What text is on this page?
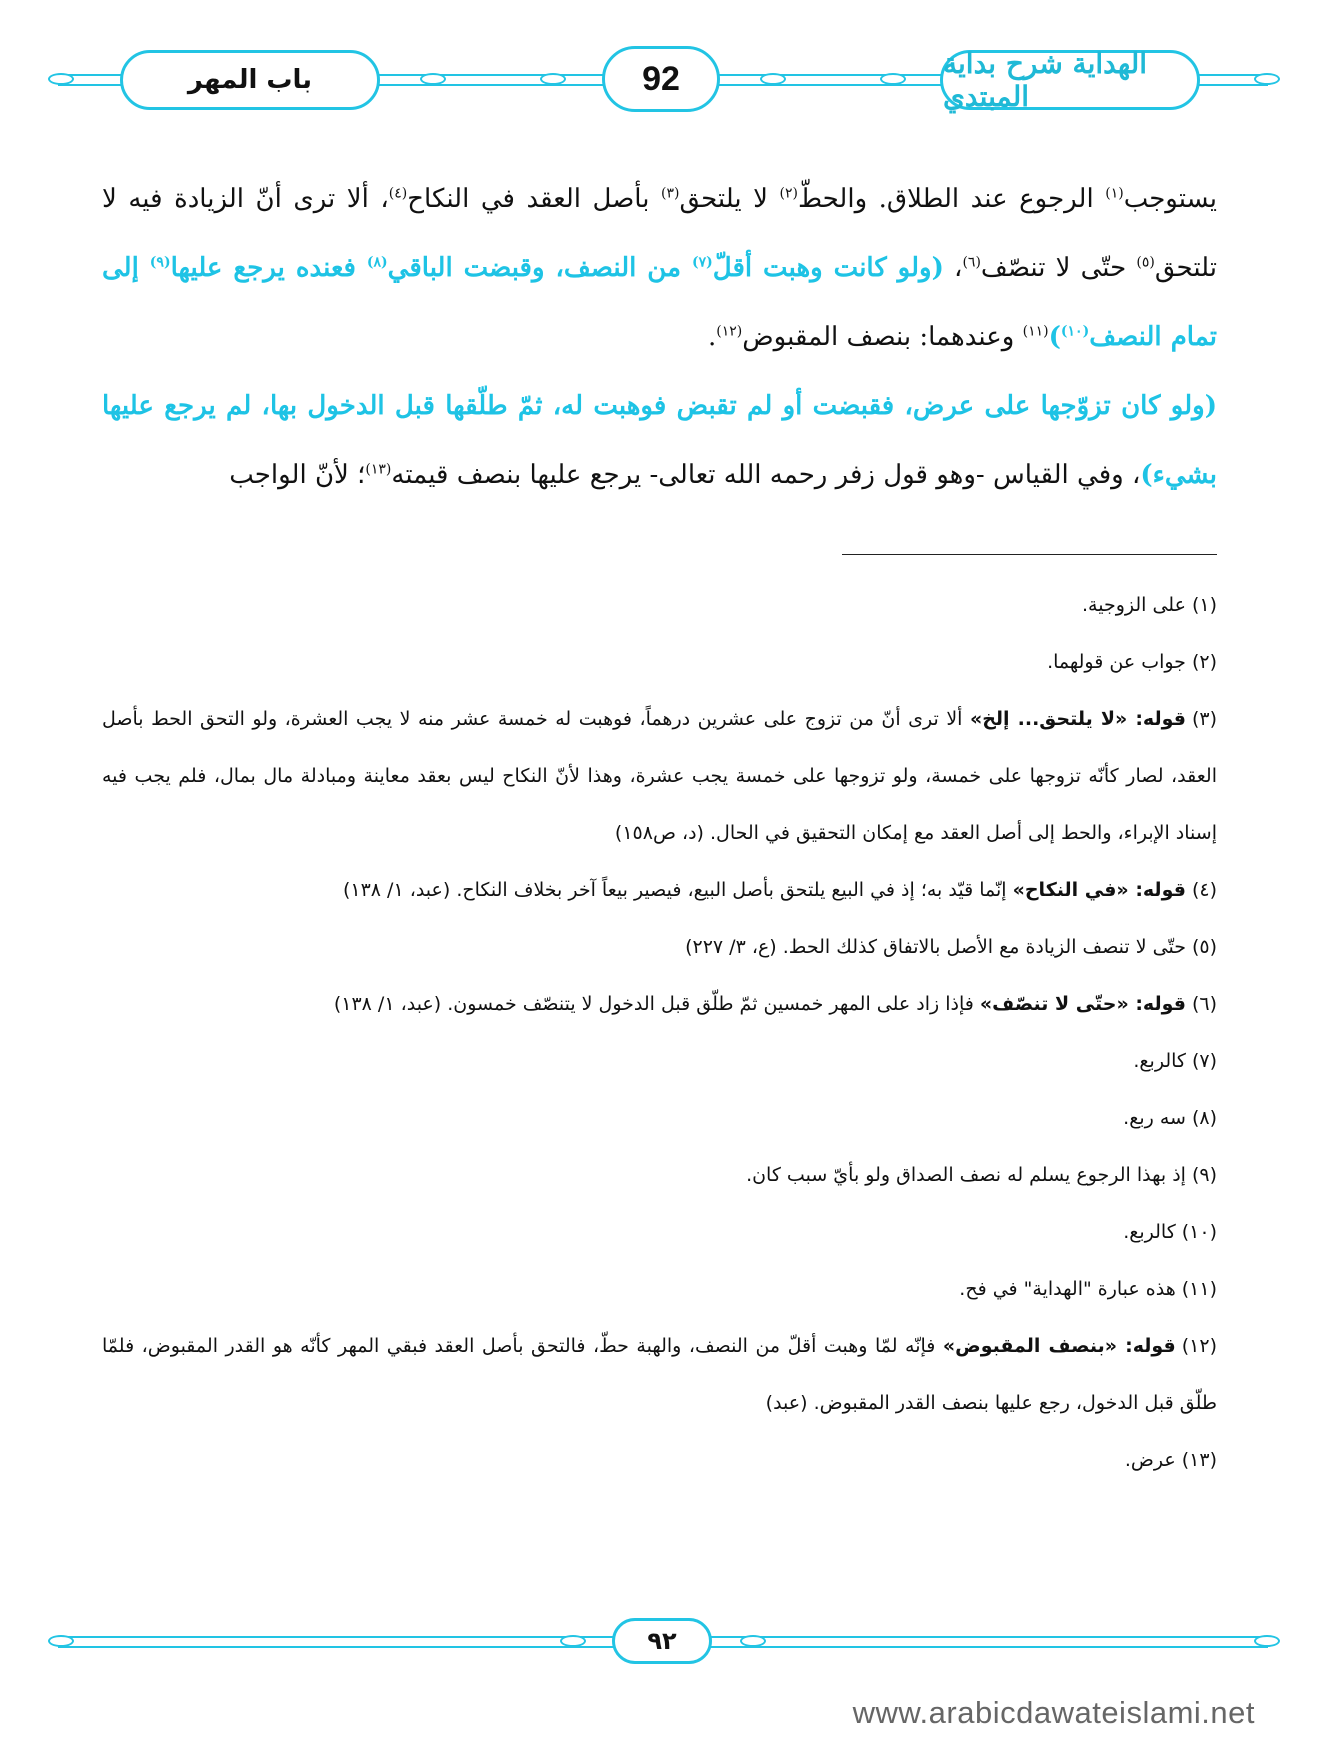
الهداية شرح بداية المبتدي
92
باب المهر

يستوجب$^{(١)}$ الرجوع عند الطلاق. والحطّ$^{(٢)}$ لا يلتحق$^{(٣)}$ بأصل العقد في النكاح$^{(٤)}$، ألا ترى أنّ الزيادة فيه لا تلتحق$^{(٥)}$ حتّى لا تنصّف$^{(٦)}$، (ولو كانت وهبت أقلّ$^{(٧)}$ من النصف، وقبضت الباقي$^{(٨)}$ فعنده يرجع عليها$^{(٩)}$ إلى تمام النصف$^{(١٠)}$)$^{(١١)}$ وعندهما: بنصف المقبوض$^{(١٢)}$.

(ولو كان تزوّجها على عرض، فقبضت أو لم تقبض فوهبت له، ثمّ طلّقها قبل الدخول بها، لم يرجع عليها بشيء)، وفي القياس -وهو قول زفر رحمه الله تعالى- يرجع عليها بنصف قيمته$^{(١٣)}$؛ لأنّ الواجب

(١)على الزوجية.

(٢)جواب عن قولهما.

(٣)قوله: «لا يلتحق... إلخ» ألا ترى أنّ من تزوج على عشرين درهماً، فوهبت له خمسة عشر منه لا يجب العشرة، ولو التحق الحط بأصل العقد، لصار كأنّه تزوجها على خمسة، ولو تزوجها على خمسة يجب عشرة، وهذا لأنّ النكاح ليس بعقد معاينة ومبادلة مال بمال، فلم يجب فيه إسناد الإبراء، والحط إلى أصل العقد مع إمكان التحقيق في الحال. (د، ص١٥٨)

(٤)قوله: «في النكاح» إنّما قيّد به؛ إذ في البيع يلتحق بأصل البيع، فيصير بيعاً آخر بخلاف النكاح. (عبد، ١/ ١٣٨)

(٥)حتّى لا تنصف الزيادة مع الأصل بالاتفاق كذلك الحط. (ع، ٣/ ٢٢٧)

(٦)قوله: «حتّى لا تنصّف» فإذا زاد على المهر خمسين ثمّ طلّق قبل الدخول لا يتنصّف خمسون. (عبد، ١/ ١٣٨)

(٧)كالربع.

(٨)سه ربع.

(٩)إذ بهذا الرجوع يسلم له نصف الصداق ولو بأيّ سبب كان.

(١٠)كالربع.

(١١)هذه عبارة "الهداية" في فح.

(١٢)قوله: «بنصف المقبوض» فإنّه لمّا وهبت أقلّ من النصف، والهبة حطّ، فالتحق بأصل العقد فبقي المهر كأنّه هو القدر المقبوض، فلمّا طلّق قبل الدخول، رجع عليها بنصف القدر المقبوض. (عبد)

(١٣)عرض.

٩٢
www.arabicdawateislami.net
